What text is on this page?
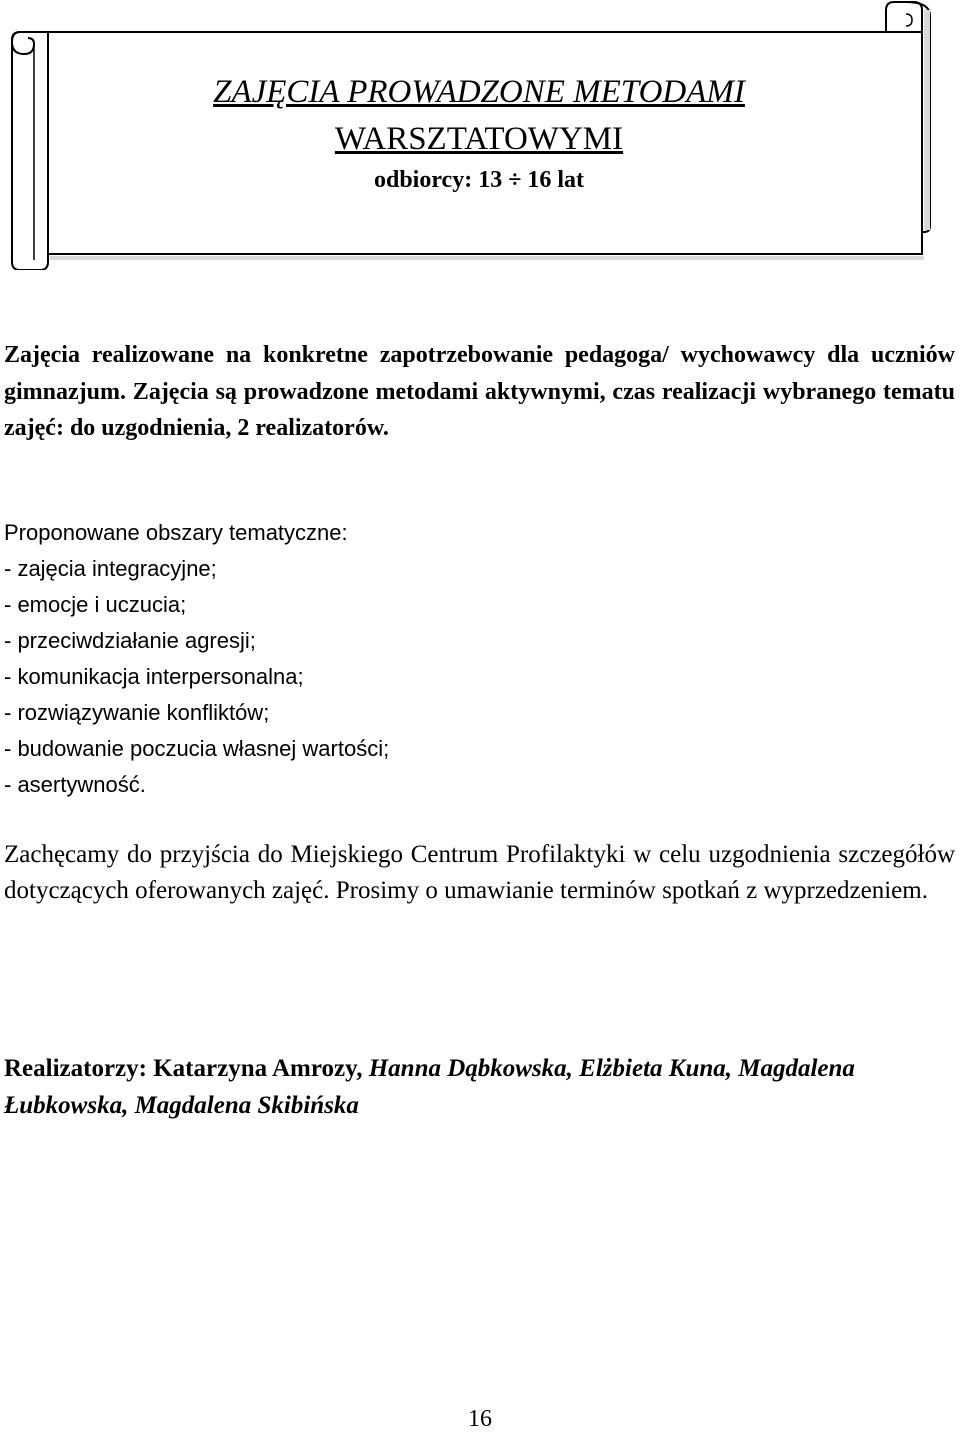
ZAJĘCIA PROWADZONE METODAMI
WARSZTATOWYMI
odbiorcy: 13 ÷ 16 lat

Zajęcia realizowane na konkretne zapotrzebowanie pedagoga/ wychowawcy dla uczniów gimnazjum. Zajęcia są prowadzone metodami aktywnymi, czas realizacji wybranego tematu zajęć: do uzgodnienia, 2 realizatorów.

Proponowane obszary tematyczne:
- zajęcia integracyjne;
- emocje i uczucia;
- przeciwdziałanie agresji;
- komunikacja interpersonalna;
- rozwiązywanie konfliktów;
- budowanie poczucia własnej wartości;
- asertywność.

Zachęcamy do przyjścia do Miejskiego Centrum Profilaktyki w celu uzgodnienia szczegółów dotyczących oferowanych zajęć. Prosimy o umawianie terminów spotkań z wyprzedzeniem.

Realizatorzy: Katarzyna Amrozy, Hanna Dąbkowska, Elżbieta Kuna, Magdalena Łubkowska, Magdalena Skibińska

16
